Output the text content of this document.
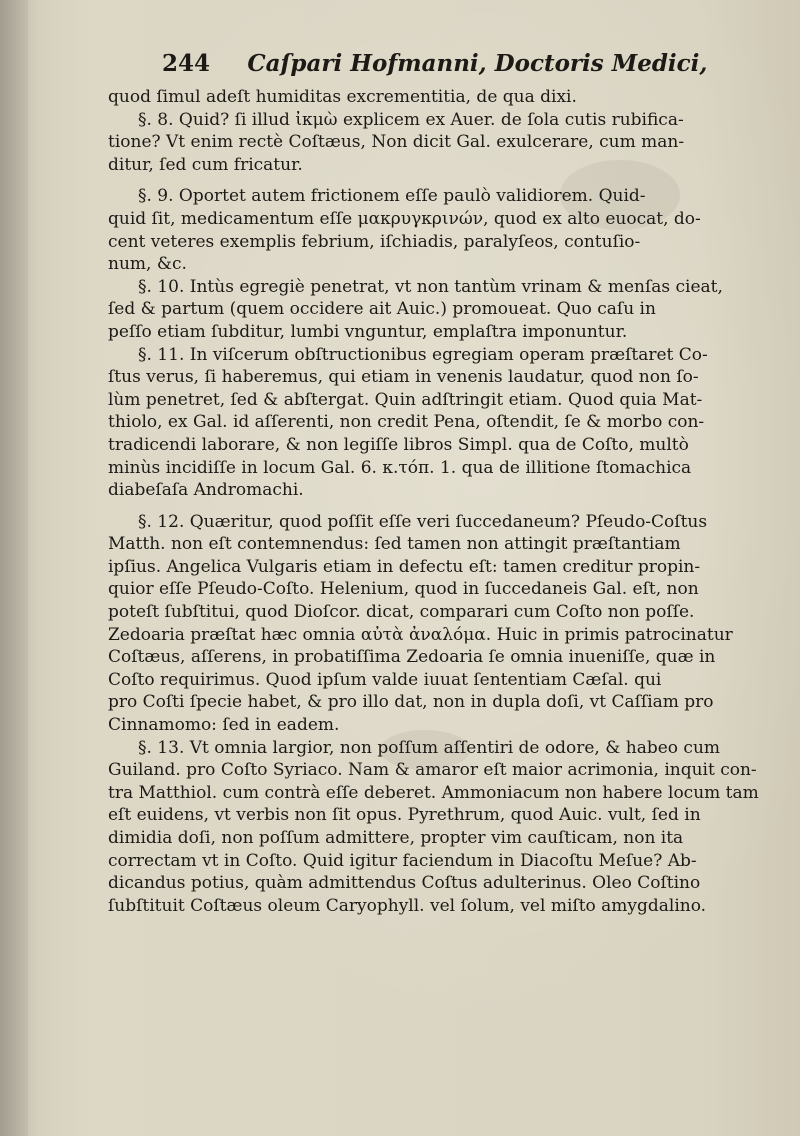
244 Caſpari Hofmanni, Doctoris Medici,

quod ſimul adeſt humiditas excrementitia, de qua dixi.

§. 8. Quid? ſi illud ἰκμὼ explicem ex Auer. de ſola cutis rubifica-

tione? Vt enim rectè Coſtæus, Non dicit Gal. exulcerare, cum man-

ditur, ſed cum fricatur.

§. 9. Oportet autem frictionem eſſe paulò validiorem. Quid-

quid ſit, medicamentum eſſe μακρυγκρινών, quod ex alto euocat, do-

cent veteres exemplis febrium, iſchiadis, paralyſeos, contuſio-

num, &c.

§. 10. Intùs egregiè penetrat, vt non tantùm vrinam & menſas cieat,

ſed & partum (quem occidere ait Auic.) promoueat. Quo caſu in

peſſo etiam ſubditur, lumbi vnguntur, emplaſtra imponuntur.

§. 11. In viſcerum obſtructionibus egregiam operam præſtaret Co-

ſtus verus, ſi haberemus, qui etiam in venenis laudatur, quod non ſo-

lùm penetret, ſed & abſtergat. Quin adſtringit etiam. Quod quia Mat-

thiolo, ex Gal. id aſſerenti, non credit Pena, oſtendit, ſe & morbo con-

tradicendi laborare, & non legiſſe libros Simpl. qua de Coſto, multò

minùs incidiſſe in locum Gal. 6. κ.τόπ. 1. qua de illitione ſtomachica

diabeſaſa Andromachi.

§. 12. Quæritur, quod poſſit eſſe veri ſuccedaneum? Pſeudo-Coſtus

Matth. non eſt contemnendus: ſed tamen non attingit præſtantiam

ipſius. Angelica Vulgaris etiam in defectu eſt: tamen creditur propin-

quior eſſe Pſeudo-Coſto. Helenium, quod in ſuccedaneis Gal. eſt, non

poteſt ſubſtitui, quod Dioſcor. dicat, comparari cum Coſto non poſſe.

Zedoaria præſtat hæc omnia αὐτὰ ἀναλόμα. Huic in primis patrocinatur

Coſtæus, aſſerens, in probatiſſima Zedoaria ſe omnia inueniſſe, quæ in

Coſto requirimus. Quod ipſum valde iuuat ſententiam Cæſal. qui

pro Coſti ſpecie habet, & pro illo dat, non in dupla doſi, vt Caſſiam pro

Cinnamomo: ſed in eadem.

§. 13. Vt omnia largior, non poſſum aſſentiri de odore, & habeo cum

Guiland. pro Coſto Syriaco. Nam & amaror eſt maior acrimonia, inquit con-

tra Matthiol. cum contrà eſſe deberet. Ammoniacum non habere locum tam

eſt euidens, vt verbis non ſit opus. Pyrethrum, quod Auic. vult, ſed in

dimidia doſi, non poſſum admittere, propter vim cauſticam, non ita

correctam vt in Coſto. Quid igitur faciendum in Diacoſtu Meſue? Ab-

dicandus potius, quàm admittendus Coſtus adulterinus. Oleo Coſtino

ſubſtituit Coſtæus oleum Caryophyll. vel ſolum, vel miſto amygdalino.
